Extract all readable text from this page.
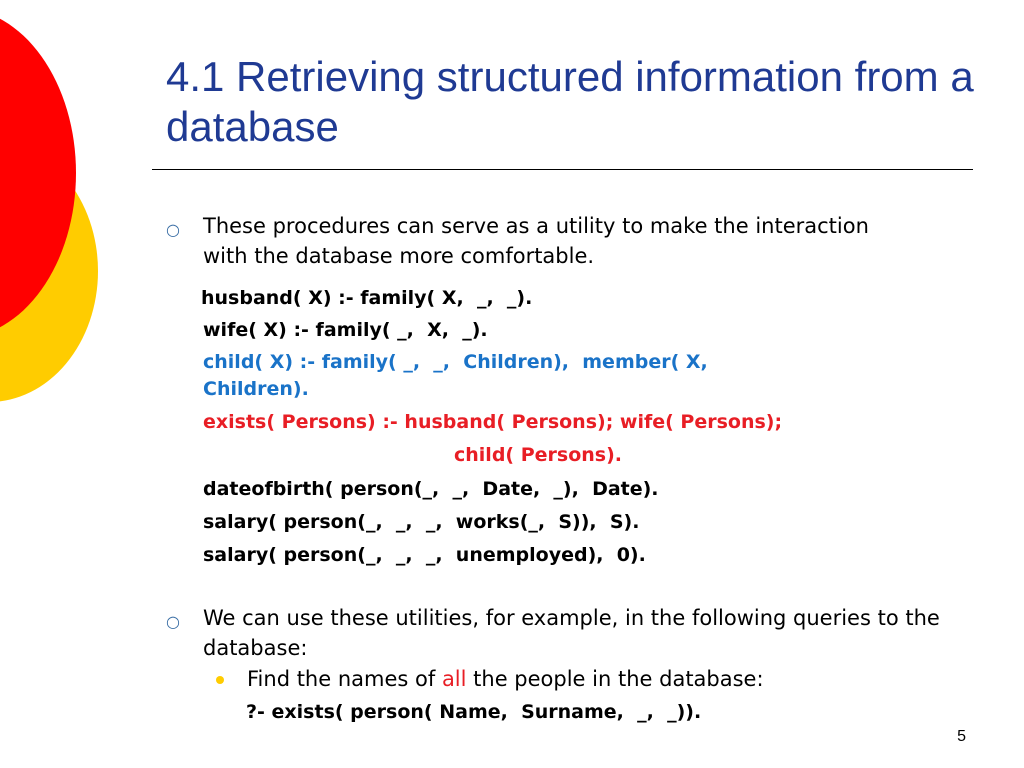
4.1 Retrieving structured information from a database
○ These procedures can serve as a utility to make the interaction with the database more comfortable.
husband( X) :- family( X,  _,  _).
wife( X) :- family( _,  X,  _).
child( X) :- family( _,  _,  Children),  member( X,
Children).
exists( Persons) :- husband( Persons); wife( Persons);
child( Persons).
dateofbirth( person(_,  _,  Date,  _),  Date).
salary( person(_,  _,  _,  works(_,  S)),  S).
salary( person(_,  _,  _,  unemployed),  0).
○ We can use these utilities, for example, in the following queries to the database:
Find the names of all the people in the database:
?- exists( person( Name,  Surname,  _,  _)).
5
